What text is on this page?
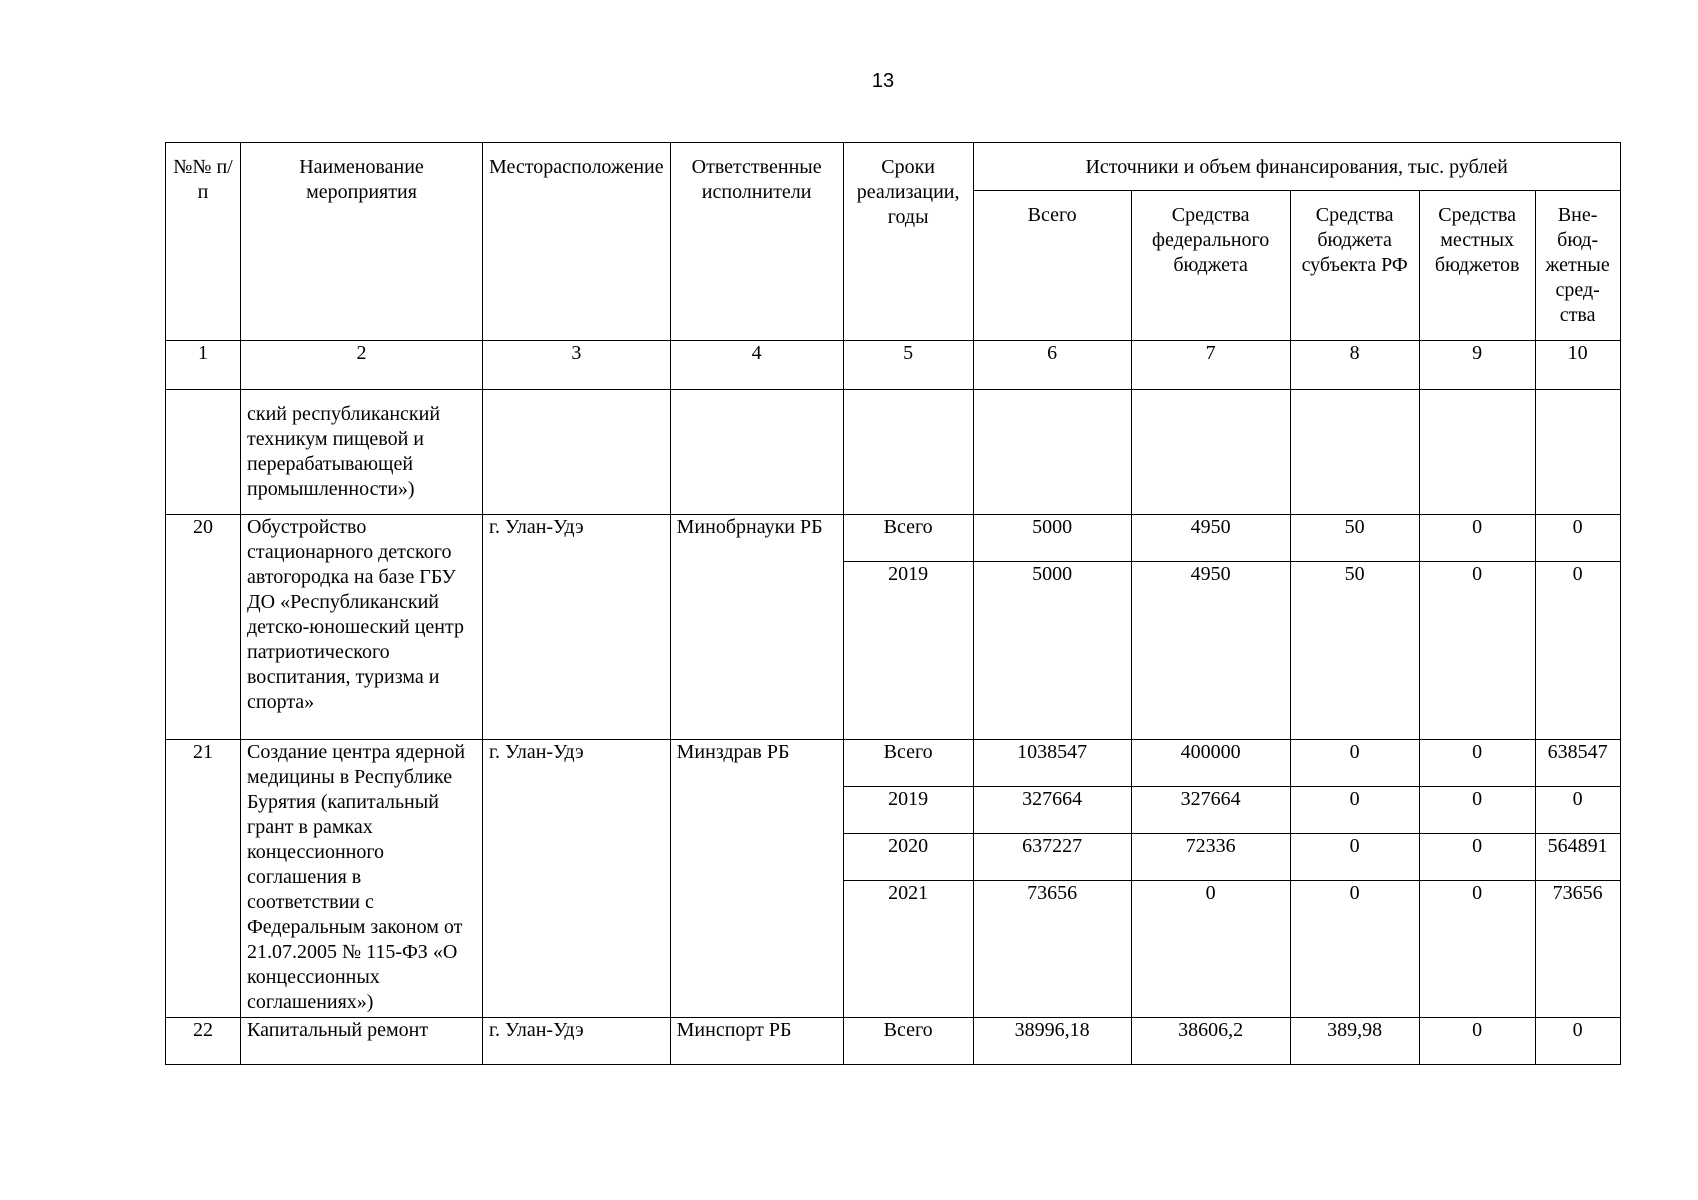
13
№№ п/п	Наименование мероприятия	Месторасположение	Ответственные исполнители	Сроки реализации, годы	Источники и объем финансирования, тыс. рублей				
					Всего	Средства федерального бюджета	Средства бюджета субъекта РФ	Средства местных бюджетов	Вне-бюд-жетные сред-ства
1	2	3	4	5	6	7	8	9	10
	ский республиканский техникум пищевой и перерабатывающей промышленности»)								
20	Обустройство стационарного детского автогородка на базе ГБУ ДО «Республиканский детско-юношеский центр патриотического воспитания, туризма и спорта»	г. Улан-Удэ	Минобрнауки РБ	Всего	5000	4950	50	0	0
				2019	5000	4950	50	0	0
21	Создание центра ядерной медицины в Республике Бурятия (капитальный грант в рамках концессионного соглашения в соответствии с Федеральным законом от 21.07.2005 № 115-ФЗ «О концессионных соглашениях»)	г. Улан-Удэ	Минздрав РБ	Всего	1038547	400000	0	0	638547
				2019	327664	327664	0	0	0
				2020	637227	72336	0	0	564891
				2021	73656	0	0	0	73656
22	Капитальный ремонт	г. Улан-Удэ	Минспорт РБ	Всего	38996,18	38606,2	389,98	0	0
